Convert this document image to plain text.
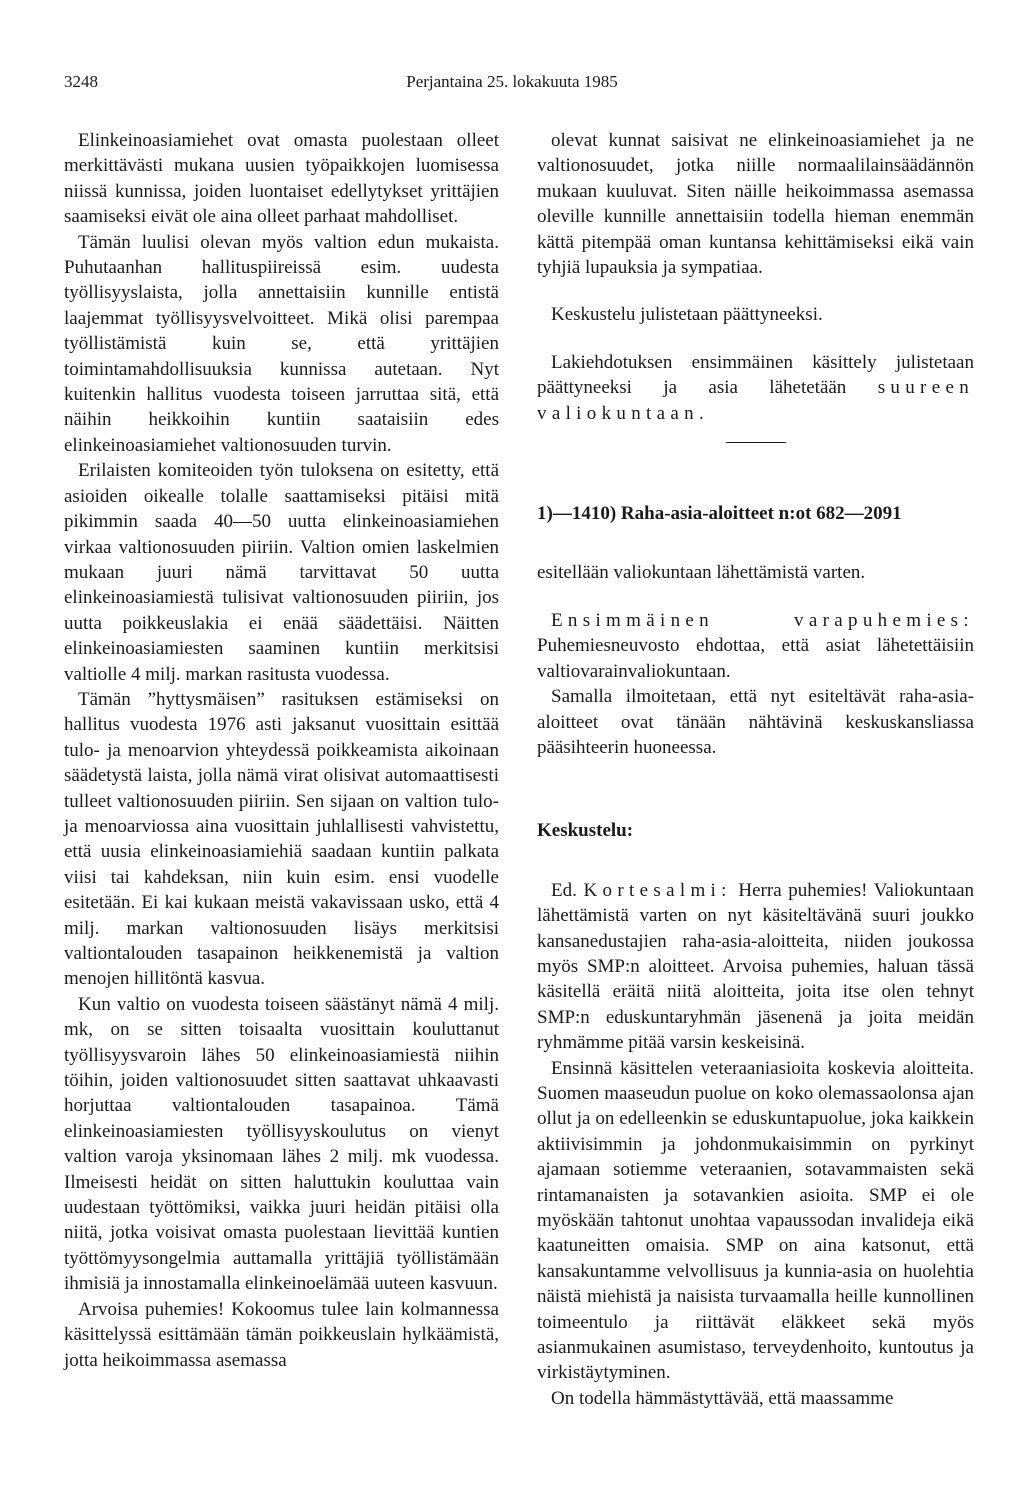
3248	Perjantaina 25. lokakuuta 1985

Elinkeinoasiamiehet ovat omasta puolestaan olleet merkittävästi mukana uusien työpaikkojen luomisessa niissä kunnissa, joiden luontaiset edellytykset yrittäjien saamiseksi eivät ole aina olleet parhaat mahdolliset.

Tämän luulisi olevan myös valtion edun mukaista. Puhutaanhan hallituspiireissä esim. uudesta työllisyyslaista, jolla annettaisiin kunnille entistä laajemmat työllisyysvelvoitteet. Mikä olisi parempaa työllistämistä kuin se, että yrittäjien toimintamahdollisuuksia kunnissa autetaan. Nyt kuitenkin hallitus vuodesta toiseen jarruttaa sitä, että näihin heikkoihin kuntiin saataisiin edes elinkeinoasiamiehet valtionosuuden turvin.

Erilaisten komiteoiden työn tuloksena on esitetty, että asioiden oikealle tolalle saattamiseksi pitäisi mitä pikimmin saada 40—50 uutta elinkeinoasiamiehen virkaa valtionosuuden piiriin. Valtion omien laskelmien mukaan juuri nämä tarvittavat 50 uutta elinkeinoasiamiestä tulisivat valtionosuuden piiriin, jos uutta poikkeuslakia ei enää säädettäisi. Näitten elinkeinoasiamiesten saaminen kuntiin merkitsisi valtiolle 4 milj. markan rasitusta vuodessa.

Tämän ”hyttysmäisen” rasituksen estämiseksi on hallitus vuodesta 1976 asti jaksanut vuosittain esittää tulo- ja menoarvion yhteydessä poikkeamista aikoinaan säädetystä laista, jolla nämä virat olisivat automaattisesti tulleet valtionosuuden piiriin. Sen sijaan on valtion tulo- ja menoarviossa aina vuosittain juhlallisesti vahvistettu, että uusia elinkeinoasiamiehiä saadaan kuntiin palkata viisi tai kahdeksan, niin kuin esim. ensi vuodelle esitetään. Ei kai kukaan meistä vakavissaan usko, että 4 milj. markan valtionosuuden lisäys merkitsisi valtiontalouden tasapainon heikkenemistä ja valtion menojen hillitöntä kasvua.

Kun valtio on vuodesta toiseen säästänyt nämä 4 milj. mk, on se sitten toisaalta vuosittain kouluttanut työllisyysvaroin lähes 50 elinkeinoasiamiestä niihin töihin, joiden valtionosuudet sitten saattavat uhkaavasti horjuttaa valtiontalouden tasapainoa. Tämä elinkeinoasiamiesten työllisyyskoulutus on vienyt valtion varoja yksinomaan lähes 2 milj. mk vuodessa. Ilmeisesti heidät on sitten haluttukin kouluttaa vain uudestaan työttömiksi, vaikka juuri heidän pitäisi olla niitä, jotka voisivat omasta puolestaan lievittää kuntien työttömyysongelmia auttamalla yrittäjiä työllistämään ihmisiä ja innostamalla elinkeinoelämää uuteen kasvuun.

Arvoisa puhemies! Kokoomus tulee lain kolmannessa käsittelyssä esittämään tämän poikkeuslain hylkäämistä, jotta heikoimmassa asemassa

olevat kunnat saisivat ne elinkeinoasiamiehet ja ne valtionosuudet, jotka niille normaalilainsäädännön mukaan kuuluvat. Siten näille heikoimmassa asemassa oleville kunnille annettaisiin todella hieman enemmän kättä pitempää oman kuntansa kehittämiseksi eikä vain tyhjiä lupauksia ja sympatiaa.

Keskustelu julistetaan päättyneeksi.

Lakiehdotuksen ensimmäinen käsittely julistetaan päättyneeksi ja asia lähetetään suureen valiokuntaan.

1)—1410) Raha-asia-aloitteet n:ot 682—2091

esitellään valiokuntaan lähettämistä varten.

Ensimmäinen varapuhemies: Puhemiesneuvosto ehdottaa, että asiat lähetettäisiin valtiovarainvaliokuntaan.

Samalla ilmoitetaan, että nyt esiteltävät raha-asia-aloitteet ovat tänään nähtävinä keskuskansliassa pääsihteerin huoneessa.

Keskustelu:

Ed. Kortesalmi: Herra puhemies! Valiokuntaan lähettämistä varten on nyt käsiteltävänä suuri joukko kansanedustajien raha-asia-aloitteita, niiden joukossa myös SMP:n aloitteet. Arvoisa puhemies, haluan tässä käsitellä eräitä niitä aloitteita, joita itse olen tehnyt SMP:n eduskuntaryhmän jäsenenä ja joita meidän ryhmämme pitää varsin keskeisinä.

Ensinnä käsittelen veteraaniasioita koskevia aloitteita. Suomen maaseudun puolue on koko olemassaolonsa ajan ollut ja on edelleenkin se eduskuntapuolue, joka kaikkein aktiivisimmin ja johdonmukaisimmin on pyrkinyt ajamaan sotiemme veteraanien, sotavammaisten sekä rintamanaisten ja sotavankien asioita. SMP ei ole myöskään tahtonut unohtaa vapaussodan invalideja eikä kaatuneitten omaisia. SMP on aina katsonut, että kansakuntamme velvollisuus ja kunnia-asia on huolehtia näistä miehistä ja naisista turvaamalla heille kunnollinen toimeentulo ja riittävät eläkkeet sekä myös asianmukainen asumistaso, terveydenhoito, kuntoutus ja virkistäytyminen.

On todella hämmästyttävää, että maassamme
